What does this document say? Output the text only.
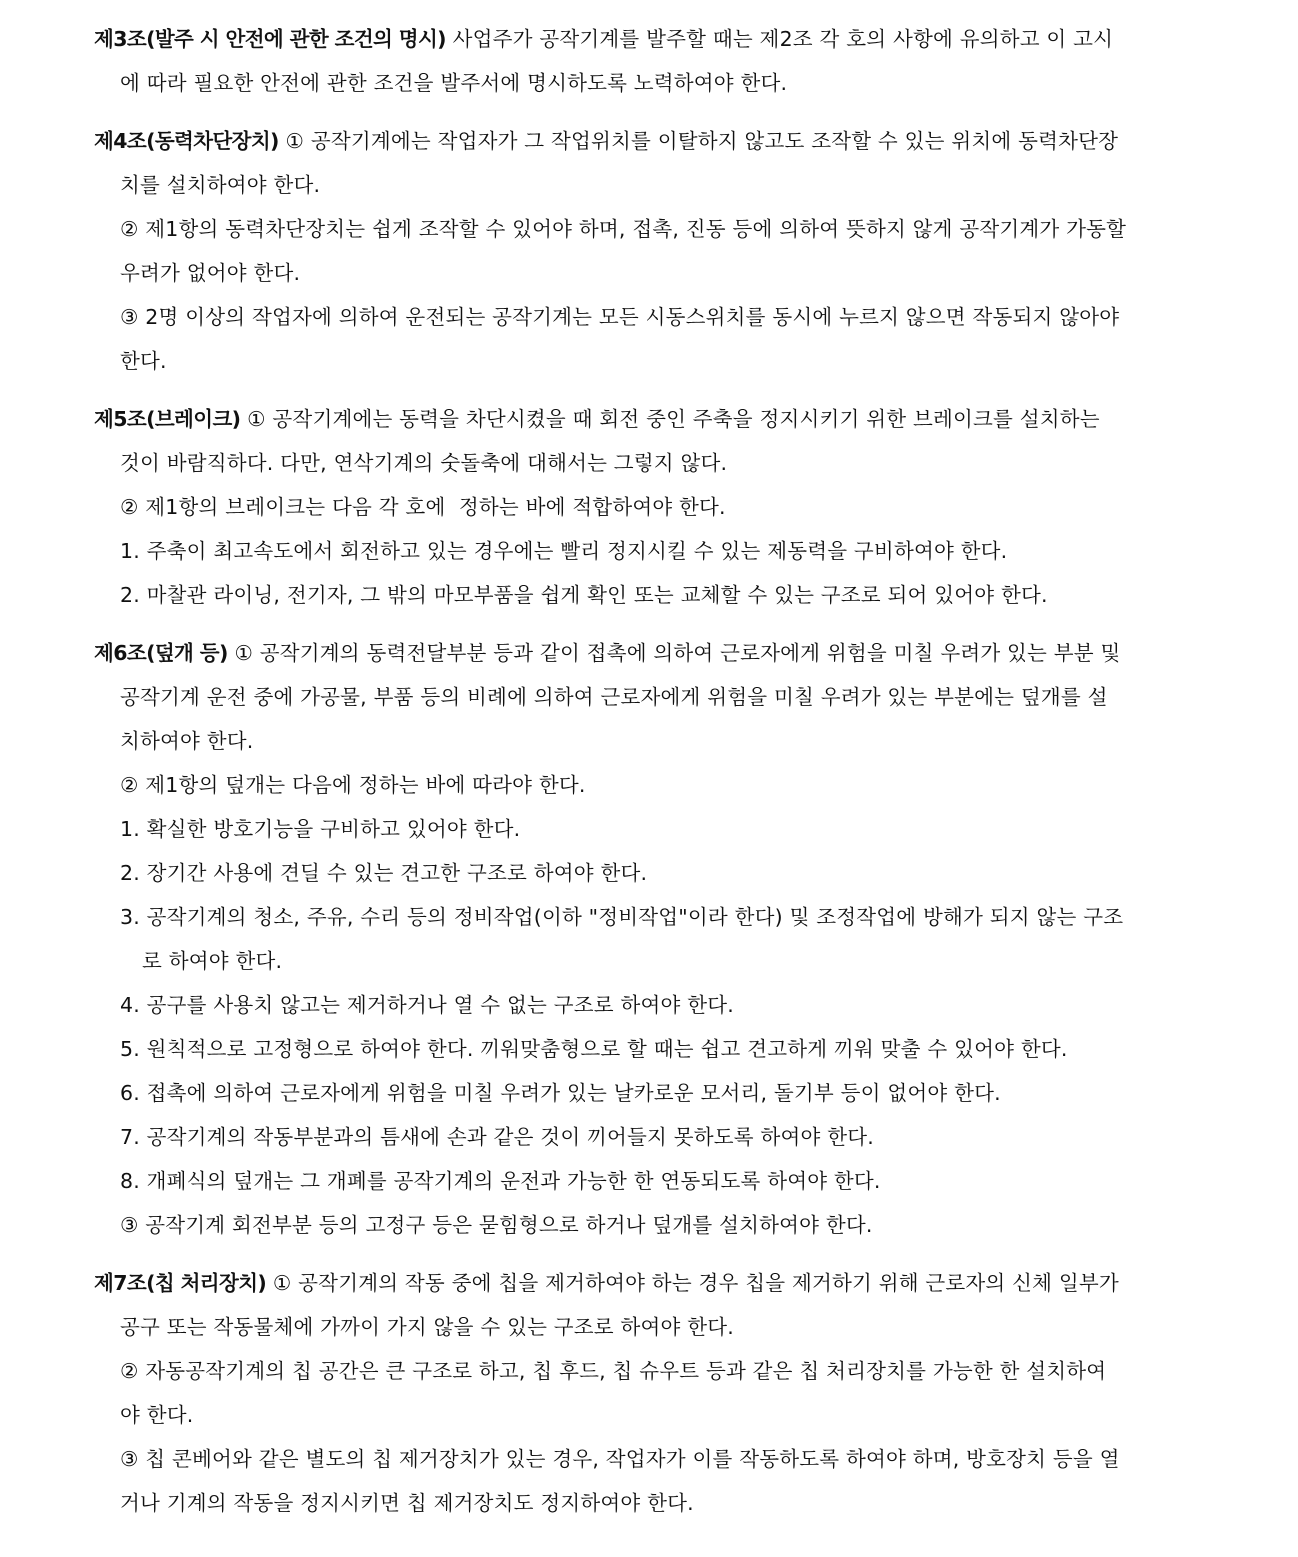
제3조(발주 시 안전에 관한 조건의 명시) 사업주가 공작기계를 발주할 때는 제2조 각 호의 사항에 유의하고 이 고시
에 따라 필요한 안전에 관한 조건을 발주서에 명시하도록 노력하여야 한다.
제4조(동력차단장치) ① 공작기계에는 작업자가 그 작업위치를 이탈하지 않고도 조작할 수 있는 위치에 동력차단장
치를 설치하여야 한다.
② 제1항의 동력차단장치는 쉽게 조작할 수 있어야 하며, 접촉, 진동 등에 의하여 뜻하지 않게 공작기계가 가동할
우려가 없어야 한다.
③ 2명 이상의 작업자에 의하여 운전되는 공작기계는 모든 시동스위치를 동시에 누르지 않으면 작동되지 않아야
한다.
제5조(브레이크) ① 공작기계에는 동력을 차단시켰을 때 회전 중인 주축을 정지시키기 위한 브레이크를 설치하는
것이 바람직하다. 다만, 연삭기계의 숫돌축에 대해서는 그렇지 않다.
② 제1항의 브레이크는 다음 각 호에  정하는 바에 적합하여야 한다.
1. 주축이 최고속도에서 회전하고 있는 경우에는 빨리 정지시킬 수 있는 제동력을 구비하여야 한다.
2. 마찰관 라이닝, 전기자, 그 밖의 마모부품을 쉽게 확인 또는 교체할 수 있는 구조로 되어 있어야 한다.
제6조(덮개 등) ① 공작기계의 동력전달부분 등과 같이 접촉에 의하여 근로자에게 위험을 미칠 우려가 있는 부분 및
공작기계 운전 중에 가공물, 부품 등의 비례에 의하여 근로자에게 위험을 미칠 우려가 있는 부분에는 덮개를 설
치하여야 한다.
② 제1항의 덮개는 다음에 정하는 바에 따라야 한다.
1. 확실한 방호기능을 구비하고 있어야 한다.
2. 장기간 사용에 견딜 수 있는 견고한 구조로 하여야 한다.
3. 공작기계의 청소, 주유, 수리 등의 정비작업(이하 "정비작업"이라 한다) 및 조정작업에 방해가 되지 않는 구조
로 하여야 한다.
4. 공구를 사용치 않고는 제거하거나 열 수 없는 구조로 하여야 한다.
5. 원칙적으로 고정형으로 하여야 한다. 끼워맞춤형으로 할 때는 쉽고 견고하게 끼워 맞출 수 있어야 한다.
6. 접촉에 의하여 근로자에게 위험을 미칠 우려가 있는 날카로운 모서리, 돌기부 등이 없어야 한다.
7. 공작기계의 작동부분과의 틈새에 손과 같은 것이 끼어들지 못하도록 하여야 한다.
8. 개폐식의 덮개는 그 개폐를 공작기계의 운전과 가능한 한 연동되도록 하여야 한다.
③ 공작기계 회전부분 등의 고정구 등은 묻힘형으로 하거나 덮개를 설치하여야 한다.
제7조(칩 처리장치) ① 공작기계의 작동 중에 칩을 제거하여야 하는 경우 칩을 제거하기 위해 근로자의 신체 일부가
공구 또는 작동물체에 가까이 가지 않을 수 있는 구조로 하여야 한다.
② 자동공작기계의 칩 공간은 큰 구조로 하고, 칩 후드, 칩 슈우트 등과 같은 칩 처리장치를 가능한 한 설치하여
야 한다.
③ 칩 콘베어와 같은 별도의 칩 제거장치가 있는 경우, 작업자가 이를 작동하도록 하여야 하며, 방호장치 등을 열
거나 기계의 작동을 정지시키면 칩 제거장치도 정지하여야 한다.
